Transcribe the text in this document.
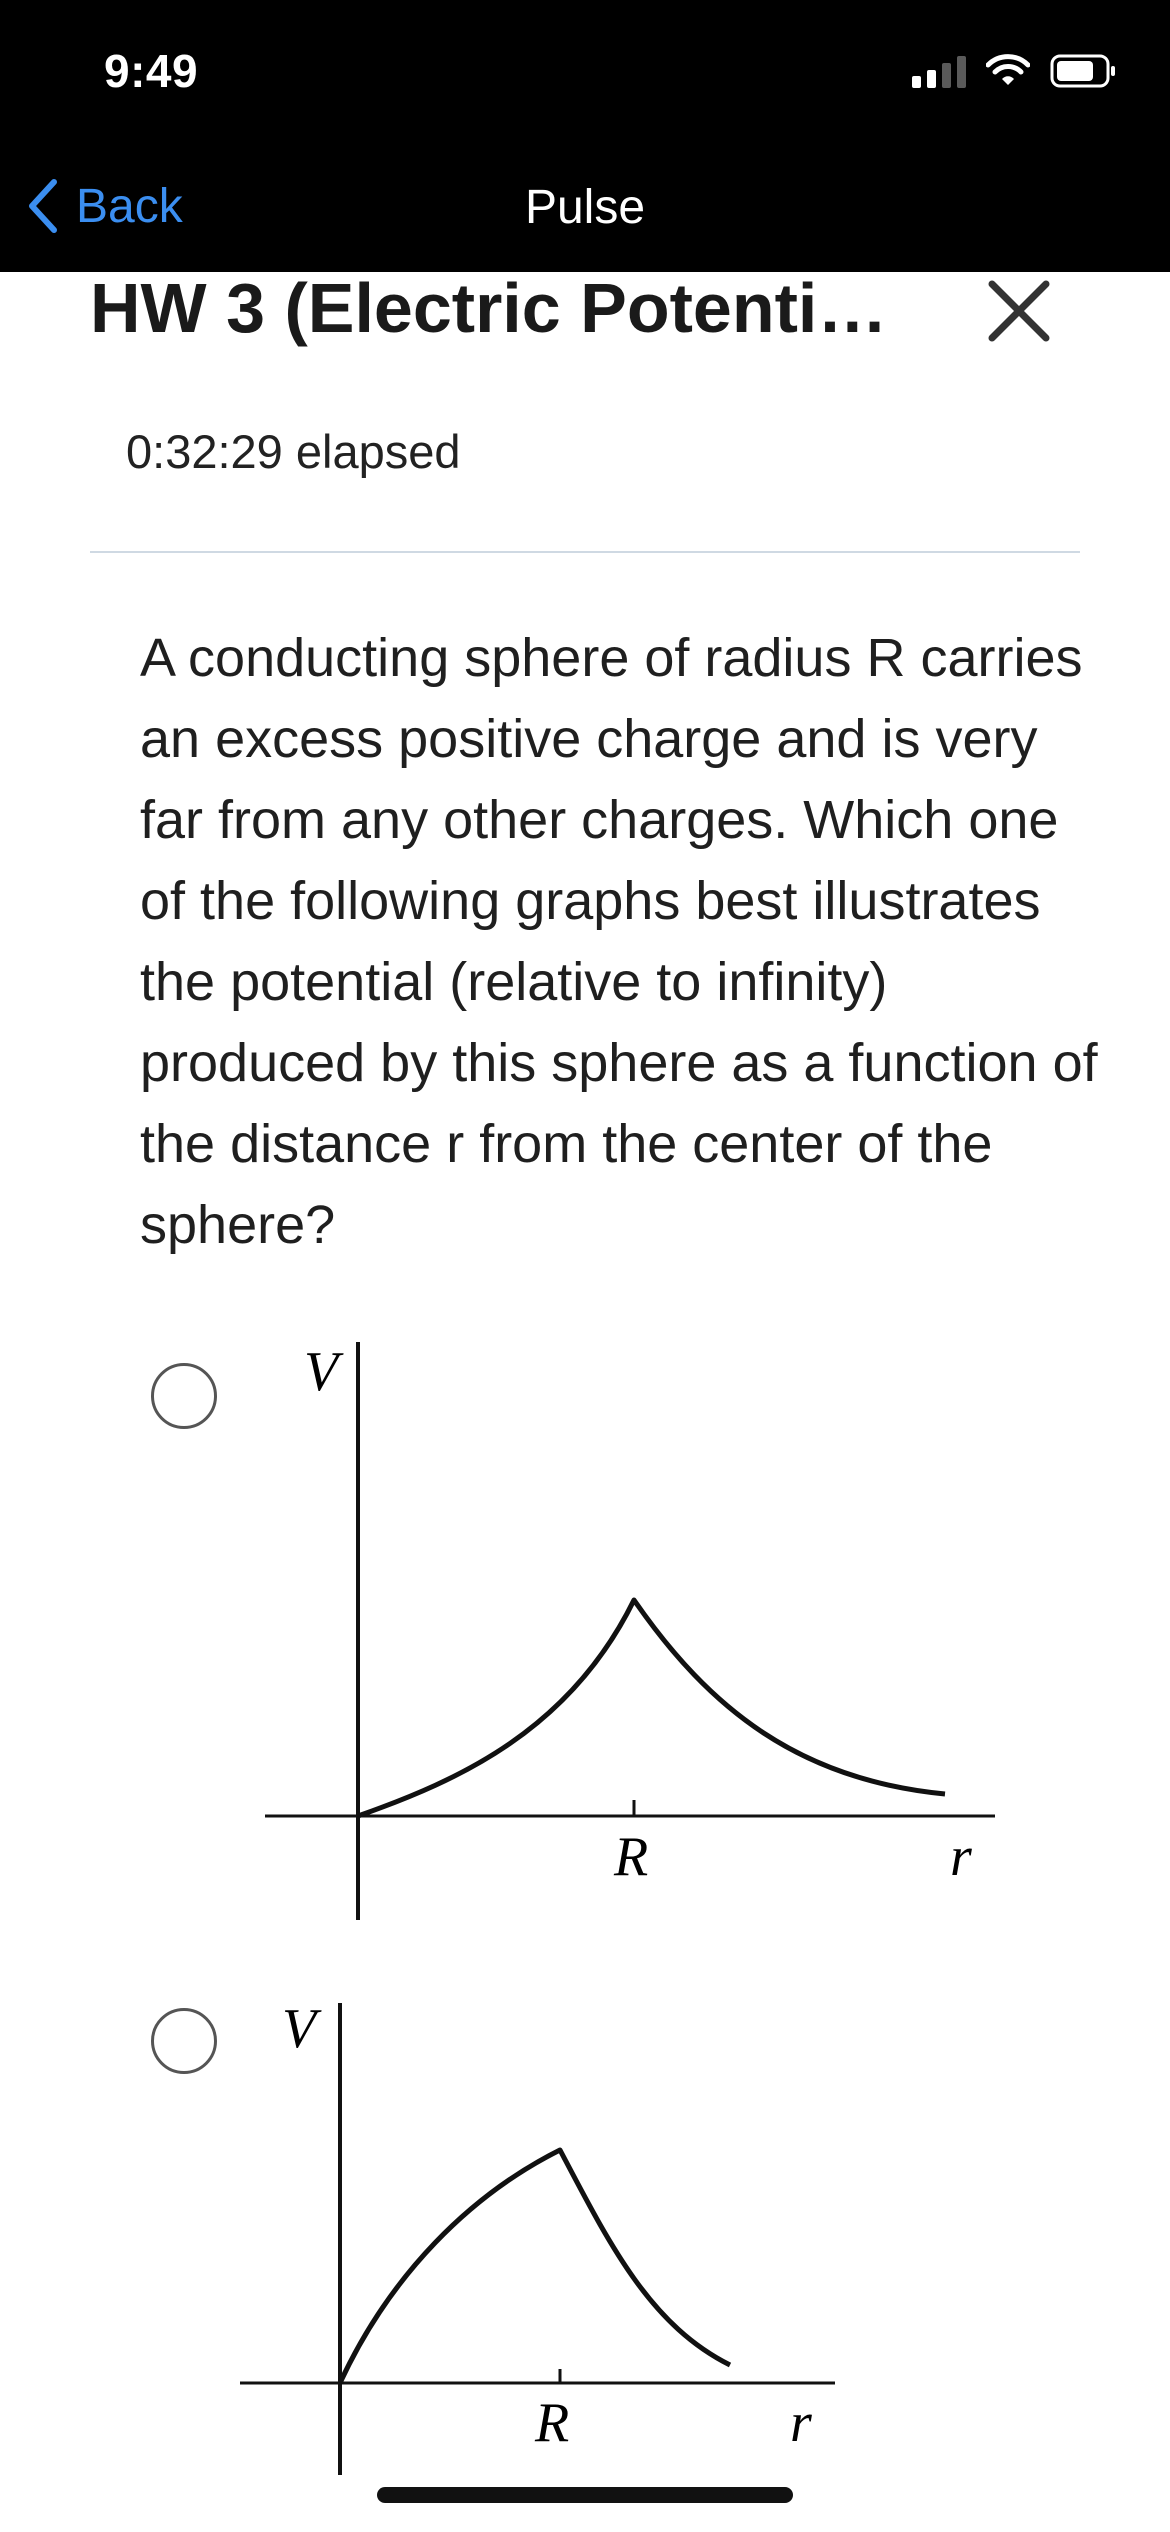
9:49
Back	Pulse
HW 3 (Electric Potenti…
0:32:29 elapsed
A conducting sphere of radius R carries an excess positive charge and is very far from any other charges. Which one of the following graphs best illustrates the potential (relative to infinity) produced by this sphere as a function of the distance r from the center of the sphere?
V
R	r
V
R	r
